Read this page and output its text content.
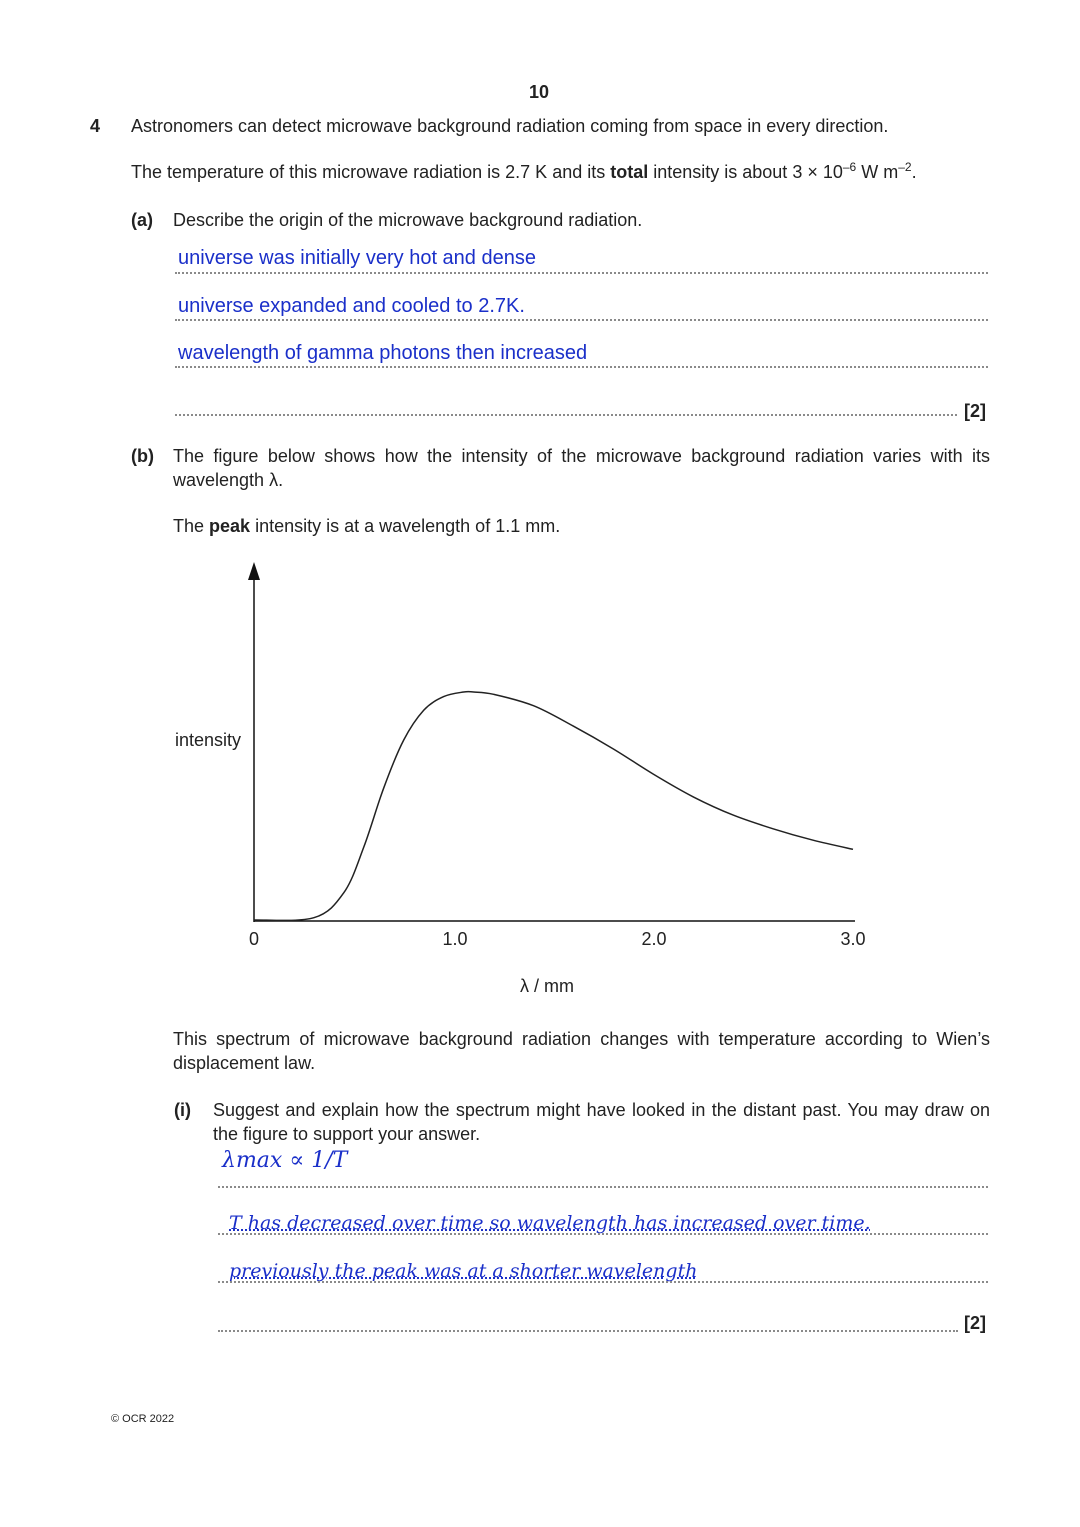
10
4 Astronomers can detect microwave background radiation coming from space in every direction.
The temperature of this microwave radiation is 2.7 K and its total intensity is about $3 \times 10^{-6}$ W $m^{-2}$.
(a) Describe the origin of the microwave background radiation.
universe was initially very hot and dense
universe expanded and cooled to 2.7K.
wavelength of gamma photons then increased
[2]
(b) The figure below shows how the intensity of the microwave background radiation varies with its wavelength λ.
The peak intensity is at a wavelength of 1.1 mm.
intensity
0	1.0	2.0	3.0
λ / mm
This spectrum of microwave background radiation changes with temperature according to Wien’s displacement law.
(i) Suggest and explain how the spectrum might have looked in the distant past. You may draw on the figure to support your answer.
λmax ∝ 1/T
T has decreased over time so wavelength has increased over time.
previously the peak was at a shorter wavelength
[2]
© OCR 2022
